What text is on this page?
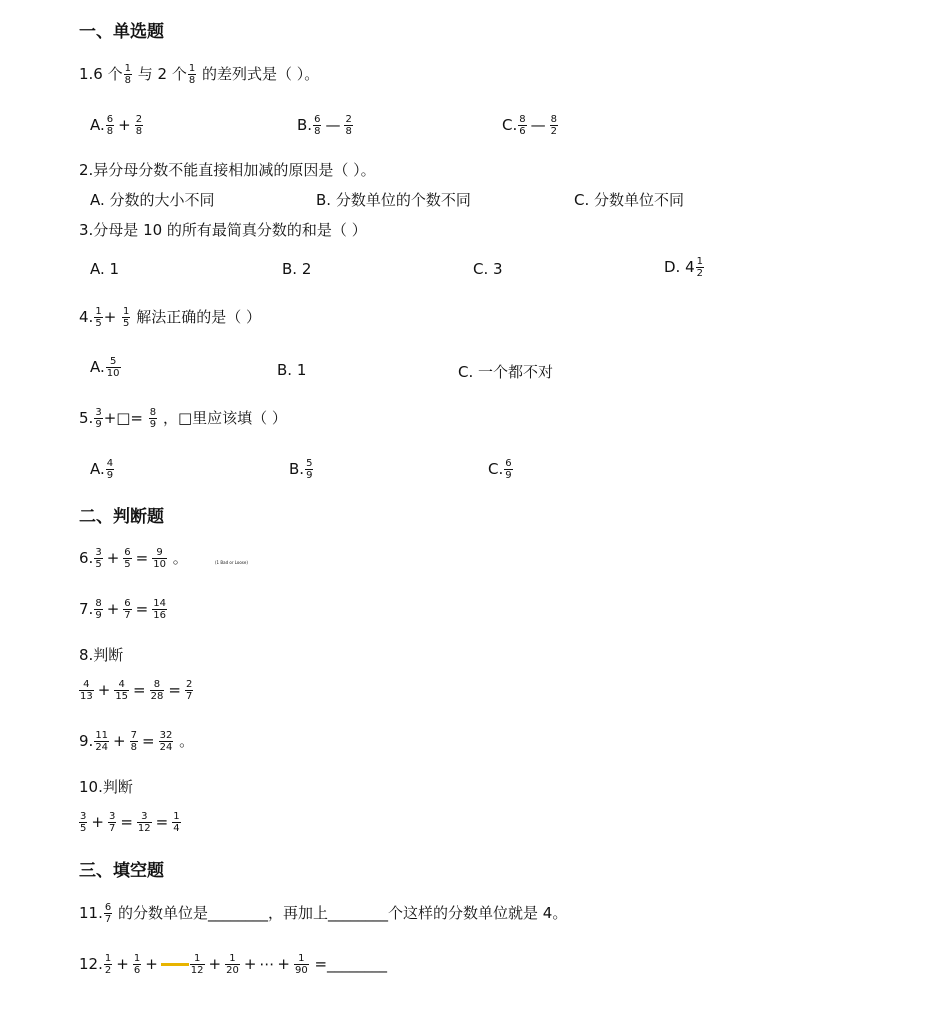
一、单选题
1.6 个 $\frac{1}{8}$ 与 2 个 $\frac{1}{8}$ 的差列式是（ ）。
A. $\frac{6}{8} + \frac{2}{8}$	B. $\frac{6}{8}$ — $\frac{2}{8}$	C. $\frac{8}{6}$ — $\frac{8}{2}$
2.异分母分数不能直接相加减的原因是（ ）。
A. 分数的大小不同	B. 分数单位的个数不同	C. 分数单位不同
3.分母是 10 的所有最简真分数的和是（ ）
A. 1	B. 2	C. 3	D. $4 \frac{1}{2}$
4. $\frac{1}{5} + \frac{1}{5}$ 解法正确的是（ ）
A. $\frac{5}{10}$	B. 1	C. 一个都不对
5. $\frac{3}{9}$ +□= $\frac{8}{9}$ ，□里应该填（ ）
A. $\frac{4}{9}$	B. $\frac{5}{9}$	C. $\frac{6}{9}$
二、判断题
6. $\frac{3}{5} + \frac{6}{5} = \frac{9}{10}$ 。	(1 Bad or Loose)
7. $\frac{8}{9} + \frac{6}{7} = \frac{14}{16}$
8.判断
$\frac{4}{13} + \frac{4}{15} = \frac{8}{28} = \frac{2}{7}$
9. $\frac{11}{24} + \frac{7}{8} = \frac{32}{24}$ 。
10.判断
$\frac{3}{5} + \frac{3}{7} = \frac{3}{12} = \frac{1}{4}$
三、填空题
11. $\frac{6}{7}$ 的分数单位是________，再加上________个这样的分数单位就是 4。
12. $\frac{1}{2} + \frac{1}{6}$ +	$\frac{1}{12} + \frac{1}{20}$ + ⋯ + $\frac{1}{90}$ =________
